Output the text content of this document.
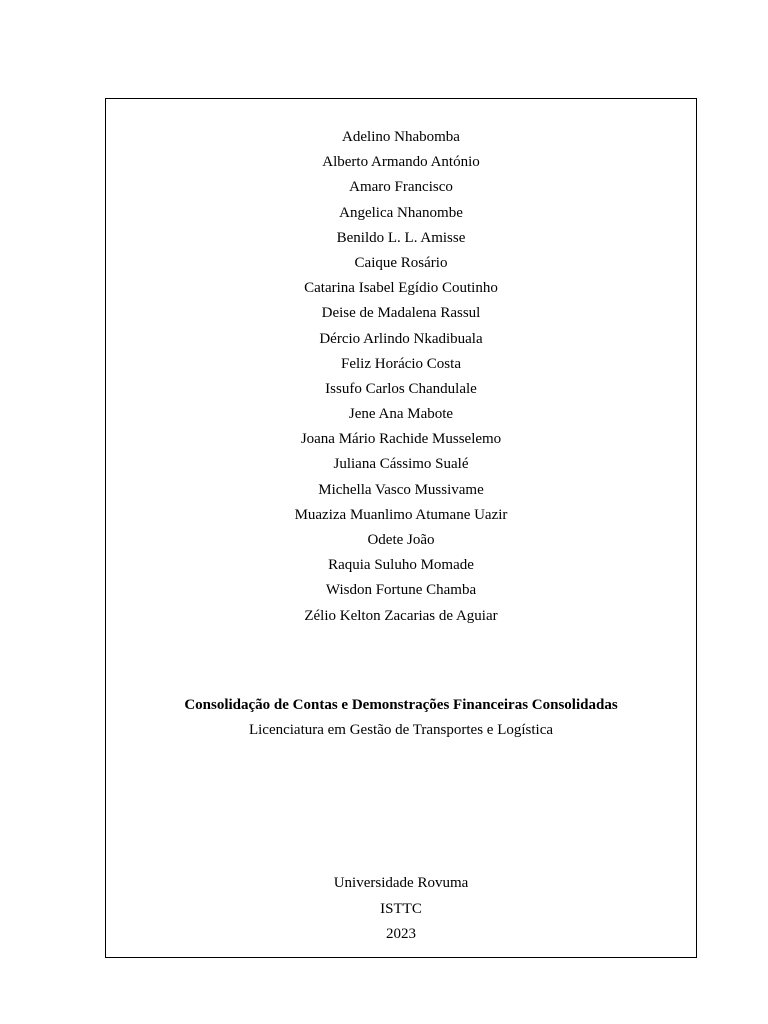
Adelino Nhabomba
Alberto Armando António
Amaro Francisco
Angelica Nhanombe
Benildo L. L. Amisse
Caique Rosário
Catarina Isabel Egídio Coutinho
Deise de Madalena Rassul
Dércio Arlindo Nkadibuala
Feliz Horácio Costa
Issufo Carlos Chandulale
Jene Ana Mabote
Joana Mário Rachide Musselemo
Juliana Cássimo Sualé
Michella Vasco Mussivame
Muaziza Muanlimo Atumane Uazir
Odete João
Raquia Suluho Momade
Wisdon Fortune Chamba
Zélio Kelton Zacarias de Aguiar

Consolidação de Contas e Demonstrações Financeiras Consolidadas

Licenciatura em Gestão de Transportes e Logística

Universidade Rovuma

ISTTC

2023
